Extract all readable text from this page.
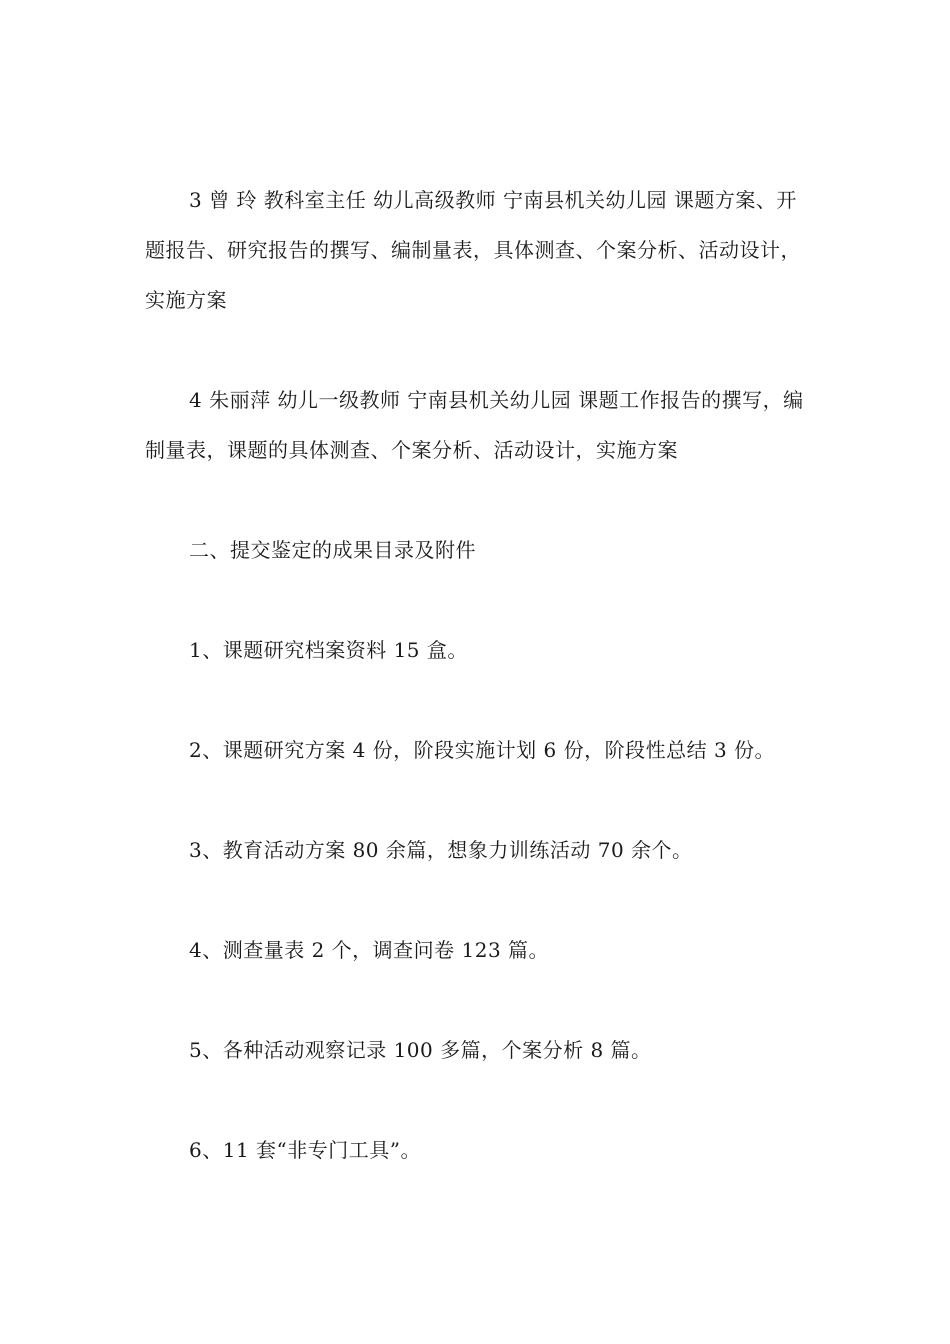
3 曾 玲 教科室主任 幼儿高级教师 宁南县机关幼儿园 课题方案、开题报告、研究报告的撰写、编制量表，具体测查、个案分析、活动设计，实施方案

4 朱丽萍 幼儿一级教师 宁南县机关幼儿园 课题工作报告的撰写，编制量表，课题的具体测查、个案分析、活动设计，实施方案

二、提交鉴定的成果目录及附件

1、课题研究档案资料 15 盒。

2、课题研究方案 4 份，阶段实施计划 6 份，阶段性总结 3 份。

3、教育活动方案 80 余篇，想象力训练活动 70 余个。

4、测查量表 2 个，调查问卷 123 篇。

5、各种活动观察记录 100 多篇，个案分析 8 篇。

6、11 套“非专门工具”。
